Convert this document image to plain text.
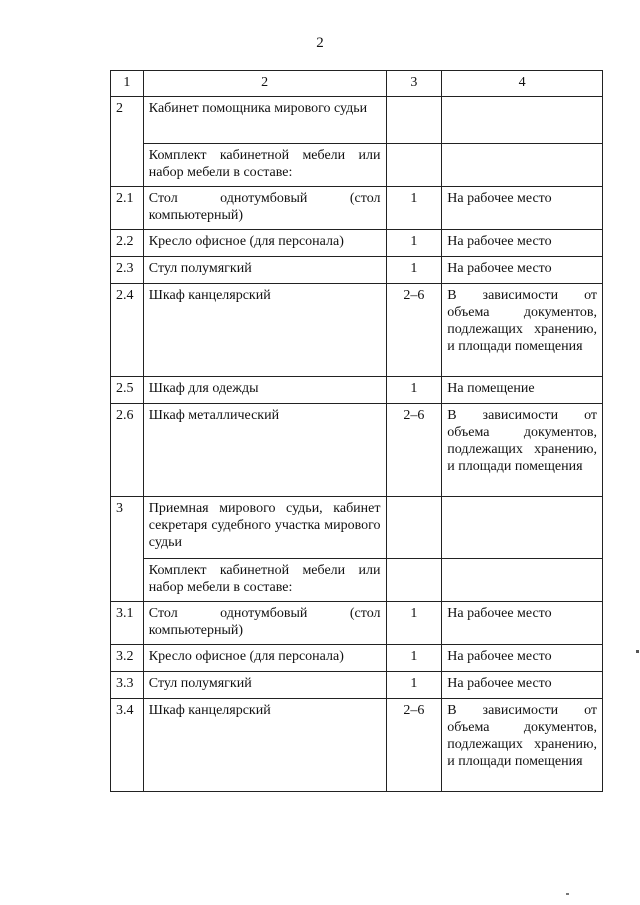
2
1	2	3	4
2	Кабинет помощника мирового судьи		
	Комплект кабинетной мебели или набор мебели в составе:		
2.1	Стол однотумбовый (стол компьютерный)	1	На рабочее место
2.2	Кресло офисное (для персонала)	1	На рабочее место
2.3	Стул полумягкий	1	На рабочее место
2.4	Шкаф канцелярский	2–6	В зависимости от объема документов, подлежащих хранению, и площади помещения
2.5	Шкаф для одежды	1	На помещение
2.6	Шкаф металлический	2–6	В зависимости от объема документов, подлежащих хранению, и площади помещения
3	Приемная мирового судьи, кабинет секретаря судебного участка мирового судьи		
	Комплект кабинетной мебели или набор мебели в составе:		
3.1	Стол однотумбовый (стол компьютерный)	1	На рабочее место
3.2	Кресло офисное (для персонала)	1	На рабочее место
3.3	Стул полумягкий	1	На рабочее место
3.4	Шкаф канцелярский	2–6	В зависимости от объема документов, подлежащих хранению, и площади помещения
